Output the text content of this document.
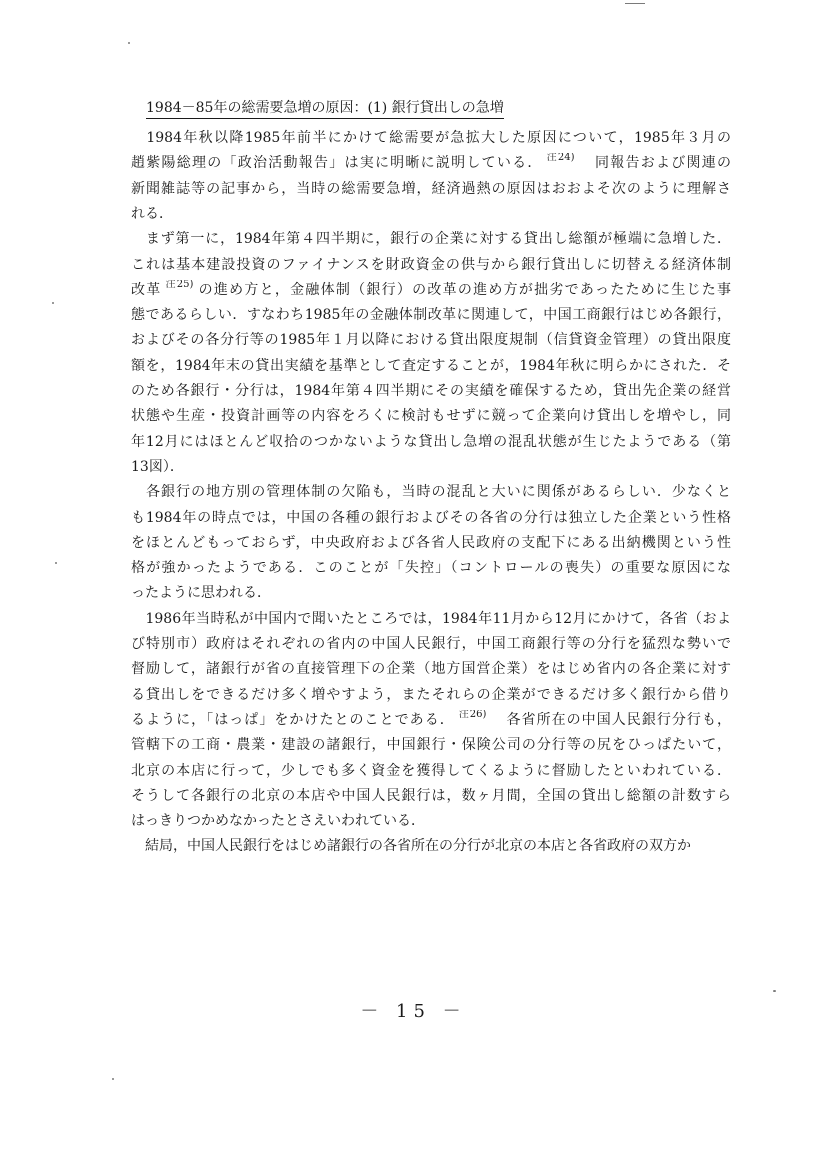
1984－85年の総需要急増の原因：(1) 銀行貸出しの急増
　1984年秋以降1985年前半にかけて総需要が急拡大した原因について，1985年３月の
趙紫陽総理の「政治活動報告」は実に明晰に説明している． $^{注24)}$　同報告および関連の
新聞雑誌等の記事から，当時の総需要急増，経済過熱の原因はおおよそ次のように理解さ
れる．
　まず第一に，1984年第４四半期に，銀行の企業に対する貸出し総額が極端に急増した．
これは基本建設投資のファイナンスを財政資金の供与から銀行貸出しに切替える経済体制
改革 $^{注25)}$ の進め方と，金融体制（銀行）の改革の進め方が拙劣であったために生じた事
態であるらしい．すなわち1985年の金融体制改革に関連して，中国工商銀行はじめ各銀行，
およびその各分行等の1985年１月以降における貸出限度規制（信貸資金管理）の貸出限度
額を，1984年末の貸出実績を基準として査定することが，1984年秋に明らかにされた．そ
のため各銀行・分行は，1984年第４四半期にその実績を確保するため，貸出先企業の経営
状態や生産・投資計画等の内容をろくに検討もせずに競って企業向け貸出しを増やし，同
年12月にはほとんど収拾のつかないような貸出し急増の混乱状態が生じたようである（第
13図）．
　各銀行の地方別の管理体制の欠陥も，当時の混乱と大いに関係があるらしい．少なくと
も1984年の時点では，中国の各種の銀行およびその各省の分行は独立した企業という性格
をほとんどもっておらず，中央政府および各省人民政府の支配下にある出納機関という性
格が強かったようである．このことが「失控」（コントロールの喪失）の重要な原因にな
ったように思われる．
　1986年当時私が中国内で聞いたところでは，1984年11月から12月にかけて，各省（およ
び特別市）政府はそれぞれの省内の中国人民銀行，中国工商銀行等の分行を猛烈な勢いで
督励して，諸銀行が省の直接管理下の企業（地方国営企業）をはじめ省内の各企業に対す
る貸出しをできるだけ多く増やすよう，またそれらの企業ができるだけ多く銀行から借り
るように，「はっぱ」をかけたとのことである． $^{注26)}$　各省所在の中国人民銀行分行も，
管轄下の工商・農業・建設の諸銀行，中国銀行・保険公司の分行等の尻をひっぱたいて，
北京の本店に行って，少しでも多く資金を獲得してくるように督励したといわれている．
そうして各銀行の北京の本店や中国人民銀行は，数ヶ月間，全国の貸出し総額の計数すら
はっきりつかめなかったとさえいわれている．
　結局，中国人民銀行をはじめ諸銀行の各省所在の分行が北京の本店と各省政府の双方か
－ 15 －
